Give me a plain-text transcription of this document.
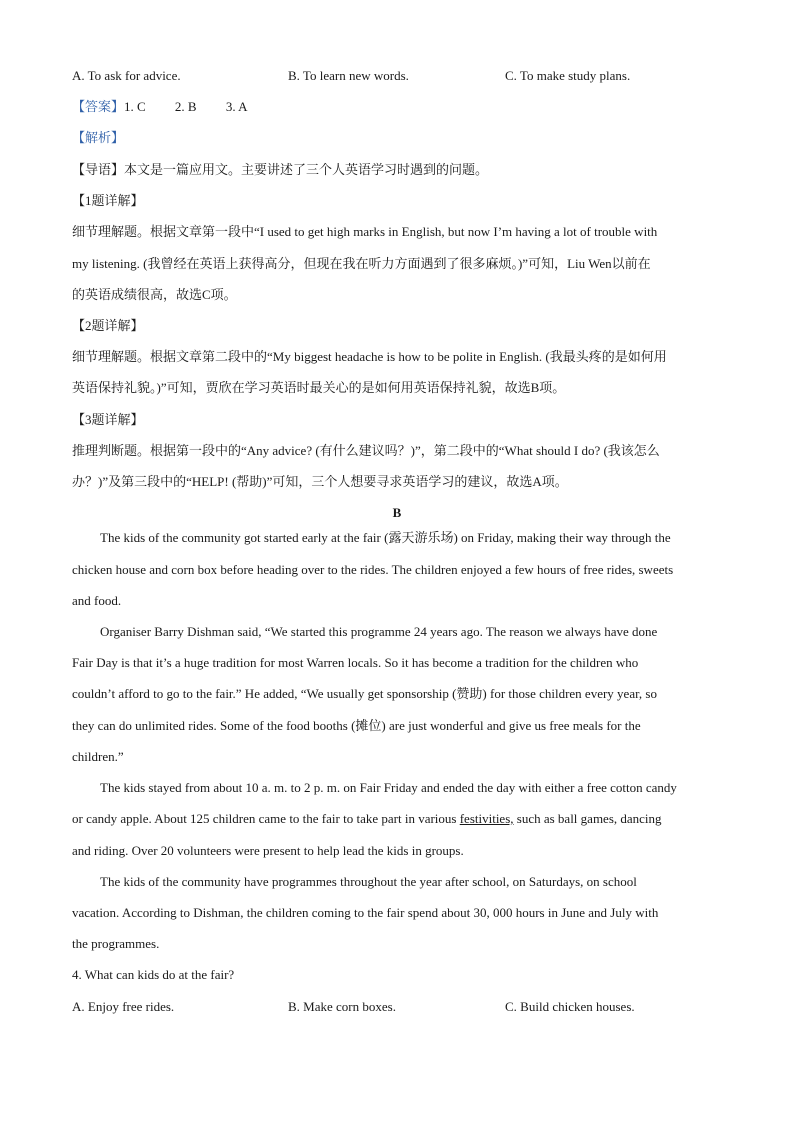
A. To ask for advice.	B. To learn new words.	C. To make study plans.
【答案】1. C         2. B         3. A
【解析】
【导语】本文是一篇应用文。主要讲述了三个人英语学习时遇到的问题。
【1题详解】
细节理解题。根据文章第一段中“I used to get high marks in English, but now I’m having a lot of trouble with
my listening. (我曾经在英语上获得高分，但现在我在听力方面遇到了很多麻烦。)”可知，Liu Wen以前在
的英语成绩很高，故选C项。
【2题详解】
细节理解题。根据文章第二段中的“My biggest headache is how to be polite in English. (我最头疼的是如何用
英语保持礼貌。)”可知，贾欣在学习英语时最关心的是如何用英语保持礼貌，故选B项。
【3题详解】
推理判断题。根据第一段中的“Any advice? (有什么建议吗？)”，第二段中的“What should I do? (我该怎么
办？)”及第三段中的“HELP! (帮助)”可知，三个人想要寻求英语学习的建议，故选A项。
B
The kids of the community got started early at the fair (露天游乐场) on Friday, making their way through the
chicken house and corn box before heading over to the rides. The children enjoyed a few hours of free rides, sweets
and food.
Organiser Barry Dishman said, “We started this programme 24 years ago. The reason we always have done
Fair Day is that it’s a huge tradition for most Warren locals. So it has become a tradition for the children who
couldn’t afford to go to the fair.” He added, “We usually get sponsorship (赞助) for those children every year, so
they can do unlimited rides. Some of the food booths (摊位) are just wonderful and give us free meals for the
children.”
The kids stayed from about 10 a. m. to 2 p. m. on Fair Friday and ended the day with either a free cotton candy
or candy apple. About 125 children came to the fair to take part in various festivities, such as ball games, dancing
and riding. Over 20 volunteers were present to help lead the kids in groups.
The kids of the community have programmes throughout the year after school, on Saturdays, on school
vacation. According to Dishman, the children coming to the fair spend about 30, 000 hours in June and July with
the programmes.
4. What can kids do at the fair?
A. Enjoy free rides.	B. Make corn boxes.	C. Build chicken houses.
